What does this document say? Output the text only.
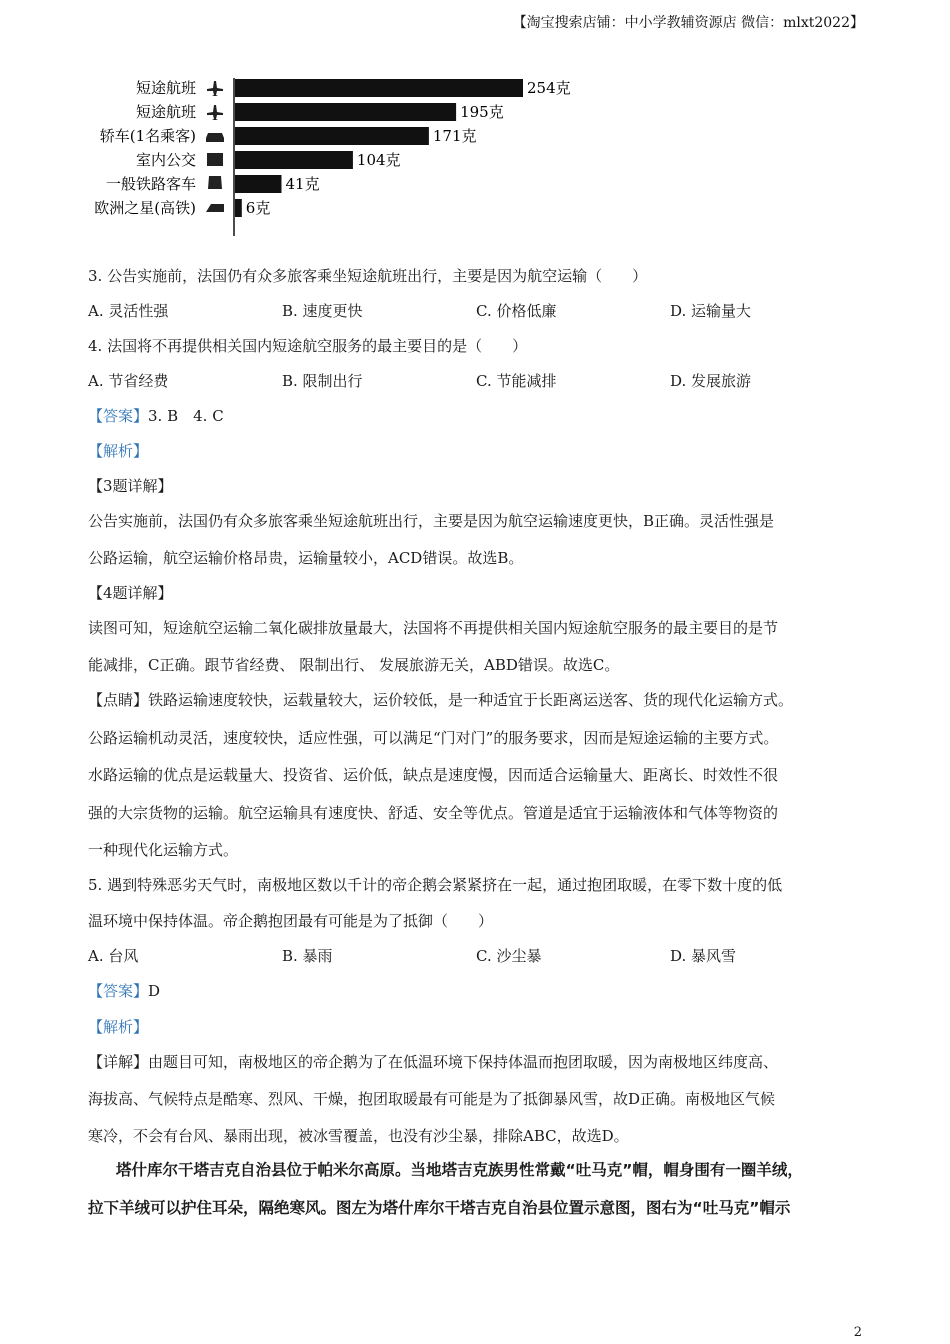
【淘宝搜索店铺：中小学教辅资源店 微信：mlxt2022】
短途航班	254克
短途航班	195克
轿车(1名乘客)	171克
室内公交	104克
一般铁路客车	41克
欧洲之星(高铁)	6克
3. 公告实施前，法国仍有众多旅客乘坐短途航班出行，主要是因为航空运输（　　）
A. 灵活性强	B. 速度更快	C. 价格低廉	D. 运输量大
4. 法国将不再提供相关国内短途航空服务的最主要目的是（　　）
A. 节省经费	B. 限制出行	C. 节能减排	D. 发展旅游
【答案】3. B　4. C
【解析】
【3题详解】
公告实施前，法国仍有众多旅客乘坐短途航班出行，主要是因为航空运输速度更快，B正确。灵活性强是
公路运输，航空运输价格昂贵，运输量较小，ACD错误。故选B。
【4题详解】
读图可知，短途航空运输二氧化碳排放量最大，法国将不再提供相关国内短途航空服务的最主要目的是节
能减排，C正确。跟节省经费、 限制出行、 发展旅游无关，ABD错误。故选C。
【点睛】铁路运输速度较快，运载量较大，运价较低，是一种适宜于长距离运送客、货的现代化运输方式。
公路运输机动灵活，速度较快，适应性强，可以满足“门对门”的服务要求，因而是短途运输的主要方式。
水路运输的优点是运载量大、投资省、运价低，缺点是速度慢，因而适合运输量大、距离长、时效性不很
强的大宗货物的运输。航空运输具有速度快、舒适、安全等优点。管道是适宜于运输液体和气体等物资的
一种现代化运输方式。
5. 遇到特殊恶劣天气时，南极地区数以千计的帝企鹅会紧紧挤在一起，通过抱团取暖，在零下数十度的低
温环境中保持体温。帝企鹅抱团最有可能是为了抵御（　　）
A. 台风	B. 暴雨	C. 沙尘暴	D. 暴风雪
【答案】D
【解析】
【详解】由题目可知，南极地区的帝企鹅为了在低温环境下保持体温而抱团取暖，因为南极地区纬度高、
海拔高、气候特点是酷寒、烈风、干燥，抱团取暖最有可能是为了抵御暴风雪，故D正确。南极地区气候
寒冷，不会有台风、暴雨出现，被冰雪覆盖，也没有沙尘暴，排除ABC，故选D。
塔什库尔干塔吉克自治县位于帕米尔高原。当地塔吉克族男性常戴“吐马克”帽，帽身围有一圈羊绒，
拉下羊绒可以护住耳朵，隔绝寒风。图左为塔什库尔干塔吉克自治县位置示意图，图右为“吐马克”帽示
2
